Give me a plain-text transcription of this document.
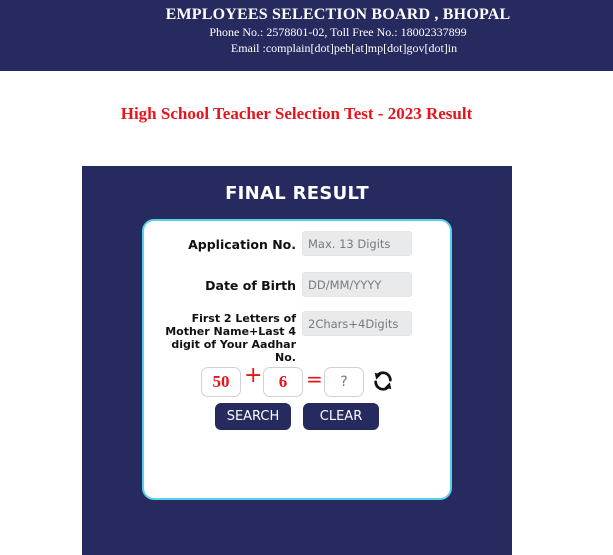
EMPLOYEES SELECTION BOARD , BHOPAL
Phone No.: 2578801-02, Toll Free No.: 18002337899
Email :complain[dot]peb[at]mp[dot]gov[dot]in
High School Teacher Selection Test - 2023 Result
FINAL RESULT
Application No.
Max. 13 Digits
Date of Birth
DD/MM/YYYY
First 2 Letters of Mother Name+Last 4 digit of Your Aadhar No.
2Chars+4Digits
50 + 6 =
?
SEARCH	CLEAR
